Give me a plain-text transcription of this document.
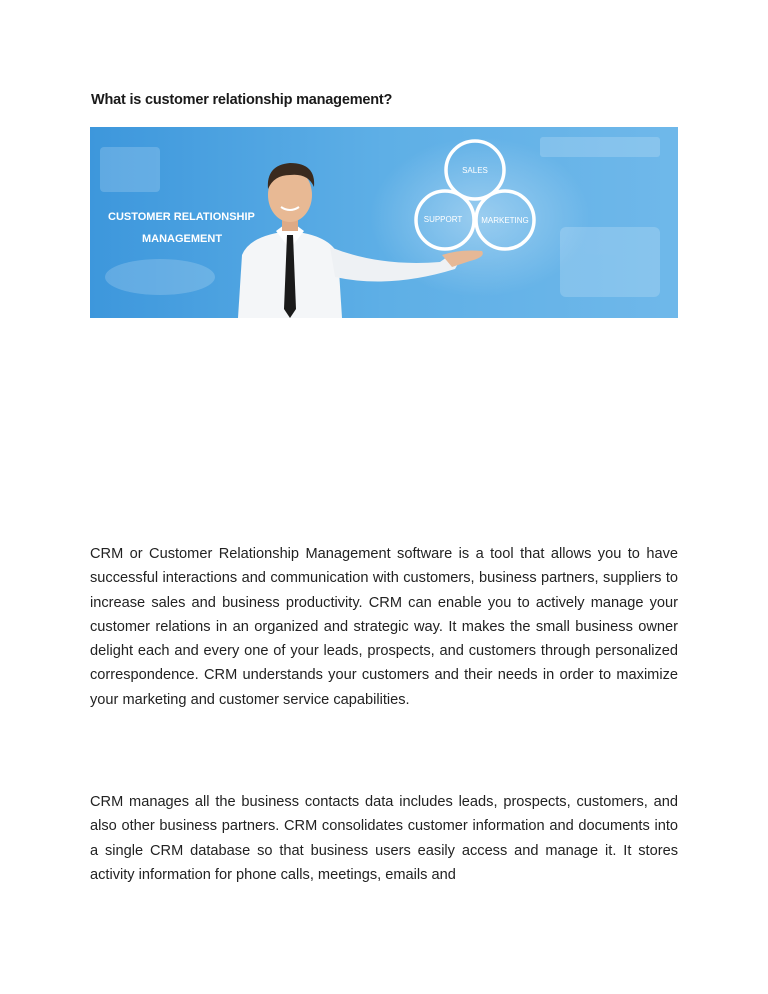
What is customer relationship management?
CUSTOMER RELATIONSHIP
MANAGEMENT
SALES
SUPPORT MARKETING

CRM or Customer Relationship Management software is a tool that allows you to have successful interactions and communication with customers, business partners, suppliers to increase sales and business productivity. CRM can enable you to actively manage your customer relations in an organized and strategic way. It makes the small business owner delight each and every one of your leads, prospects, and customers through personalized correspondence. CRM understands your customers and their needs in order to maximize your marketing and customer service capabilities.

CRM manages all the business contacts data includes leads, prospects, customers, and also other business partners. CRM consolidates customer information and documents into a single CRM database so that business users easily access and manage it. It stores activity information for phone calls, meetings, emails and
